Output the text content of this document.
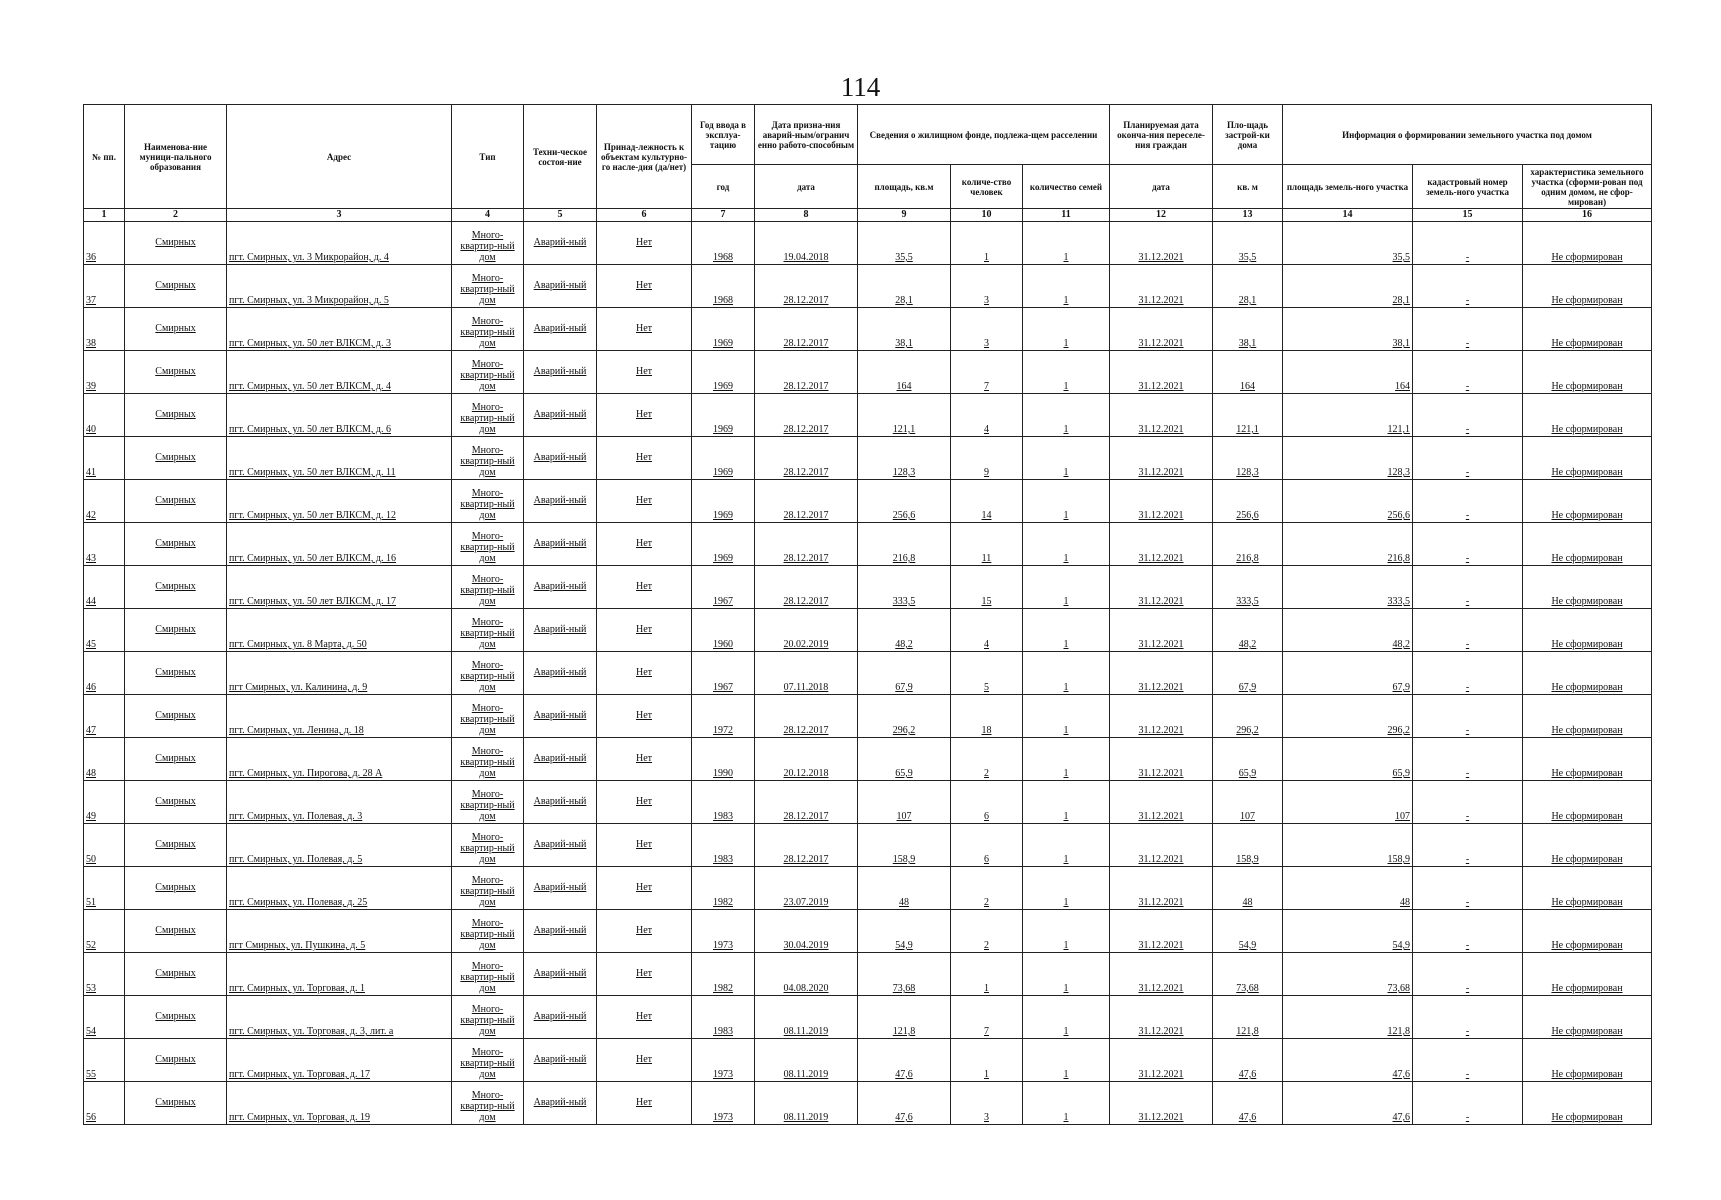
114
№ пп.	Наименова-ние муници-пального образования	Адрес	Тип	Техни-ческое состоя-ние	Принад-лежность к объектам культурно-го насле-дия (да/нет)	Год ввода в эксплуа-тацию	Дата призна-ния аварий-ным/огранич енно работо-способным	Сведения о жилищном фонде, подлежа-щем расселении			Планируемая дата оконча-ния переселе-ния граждан	Пло-щадь застрой-ки дома	Информация о формировании земельного участка под домом		
						год	дата	площадь, кв.м	количе-ство человек	количество семей	дата	кв. м	площадь земель-ного участка	кадастровый номер земель-ного участка	характеристика земельного участка (сформи-рован под одним домом, не сфор-мирован)
1	2	3	4	5	6	7	8	9	10	11	12	13	14	15	16
36	Смирных	пгт. Смирных, ул. 3 Микрорайон, д. 4	Много-квартир-ный дом	Аварий-ный	Нет	1968	19.04.2018	35,5	1	1	31.12.2021	35,5	35,5	-	Не сформирован
37	Смирных	пгт. Смирных, ул. 3 Микрорайон, д. 5	Много-квартир-ный дом	Аварий-ный	Нет	1968	28.12.2017	28,1	3	1	31.12.2021	28,1	28,1	-	Не сформирован
38	Смирных	пгт. Смирных, ул. 50 лет ВЛКСМ, д. 3	Много-квартир-ный дом	Аварий-ный	Нет	1969	28.12.2017	38,1	3	1	31.12.2021	38,1	38,1	-	Не сформирован
39	Смирных	пгт. Смирных, ул. 50 лет ВЛКСМ, д. 4	Много-квартир-ный дом	Аварий-ный	Нет	1969	28.12.2017	164	7	1	31.12.2021	164	164	-	Не сформирован
40	Смирных	пгт. Смирных, ул. 50 лет ВЛКСМ, д. 6	Много-квартир-ный дом	Аварий-ный	Нет	1969	28.12.2017	121,1	4	1	31.12.2021	121,1	121,1	-	Не сформирован
41	Смирных	пгт. Смирных, ул. 50 лет ВЛКСМ, д. 11	Много-квартир-ный дом	Аварий-ный	Нет	1969	28.12.2017	128,3	9	1	31.12.2021	128,3	128,3	-	Не сформирован
42	Смирных	пгт. Смирных, ул. 50 лет ВЛКСМ, д. 12	Много-квартир-ный дом	Аварий-ный	Нет	1969	28.12.2017	256,6	14	1	31.12.2021	256,6	256,6	-	Не сформирован
43	Смирных	пгт. Смирных, ул. 50 лет ВЛКСМ, д. 16	Много-квартир-ный дом	Аварий-ный	Нет	1969	28.12.2017	216,8	11	1	31.12.2021	216,8	216,8	-	Не сформирован
44	Смирных	пгт. Смирных, ул. 50 лет ВЛКСМ, д. 17	Много-квартир-ный дом	Аварий-ный	Нет	1967	28.12.2017	333,5	15	1	31.12.2021	333,5	333,5	-	Не сформирован
45	Смирных	пгт. Смирных, ул. 8 Марта, д. 50	Много-квартир-ный дом	Аварий-ный	Нет	1960	20.02.2019	48,2	4	1	31.12.2021	48,2	48,2	-	Не сформирован
46	Смирных	пгт Смирных, ул. Калинина, д. 9	Много-квартир-ный дом	Аварий-ный	Нет	1967	07.11.2018	67,9	5	1	31.12.2021	67,9	67,9	-	Не сформирован
47	Смирных	пгт. Смирных, ул. Ленина, д. 18	Много-квартир-ный дом	Аварий-ный	Нет	1972	28.12.2017	296,2	18	1	31.12.2021	296,2	296,2	-	Не сформирован
48	Смирных	пгт. Смирных, ул. Пирогова, д. 28 А	Много-квартир-ный дом	Аварий-ный	Нет	1990	20.12.2018	65,9	2	1	31.12.2021	65,9	65,9	-	Не сформирован
49	Смирных	пгт. Смирных, ул. Полевая, д. 3	Много-квартир-ный дом	Аварий-ный	Нет	1983	28.12.2017	107	6	1	31.12.2021	107	107	-	Не сформирован
50	Смирных	пгт. Смирных, ул. Полевая, д. 5	Много-квартир-ный дом	Аварий-ный	Нет	1983	28.12.2017	158,9	6	1	31.12.2021	158,9	158,9	-	Не сформирован
51	Смирных	пгт. Смирных, ул. Полевая, д. 25	Много-квартир-ный дом	Аварий-ный	Нет	1982	23.07.2019	48	2	1	31.12.2021	48	48	-	Не сформирован
52	Смирных	пгт Смирных, ул. Пушкина, д. 5	Много-квартир-ный дом	Аварий-ный	Нет	1973	30.04.2019	54,9	2	1	31.12.2021	54,9	54,9	-	Не сформирован
53	Смирных	пгт. Смирных, ул. Торговая, д. 1	Много-квартир-ный дом	Аварий-ный	Нет	1982	04.08.2020	73,68	1	1	31.12.2021	73,68	73,68	-	Не сформирован
54	Смирных	пгт. Смирных, ул. Торговая, д. 3, лит. а	Много-квартир-ный дом	Аварий-ный	Нет	1983	08.11.2019	121,8	7	1	31.12.2021	121,8	121,8	-	Не сформирован
55	Смирных	пгт. Смирных, ул. Торговая, д. 17	Много-квартир-ный дом	Аварий-ный	Нет	1973	08.11.2019	47,6	1	1	31.12.2021	47,6	47,6	-	Не сформирован
56	Смирных	пгт. Смирных, ул. Торговая, д. 19	Много-квартир-ный дом	Аварий-ный	Нет	1973	08.11.2019	47,6	3	1	31.12.2021	47,6	47,6	-	Не сформирован
